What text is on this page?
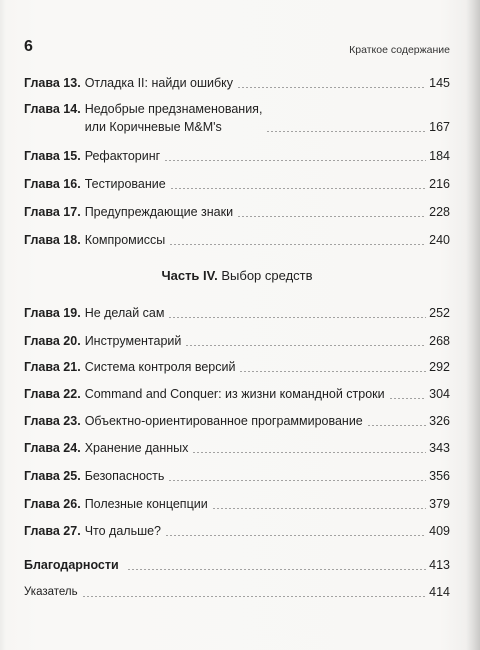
6	Краткое содержание
Глава 13. Отладка II: найди ошибку	145
Глава 14. Недобрые предзнаменования,
или Коричневые M&M's	167
Глава 15. Рефакторинг	184
Глава 16. Тестирование	216
Глава 17. Предупреждающие знаки	228
Глава 18. Компромиссы	240
Часть IV. Выбор средств
Глава 19. Не делай сам	252
Глава 20. Инструментарий	268
Глава 21. Система контроля версий	292
Глава 22. Command and Conquer: из жизни командной строки	304
Глава 23. Объектно-ориентированное программирование	326
Глава 24. Хранение данных	343
Глава 25. Безопасность	356
Глава 26. Полезные концепции	379
Глава 27. Что дальше?	409
Благодарности	413
Указатель	414
